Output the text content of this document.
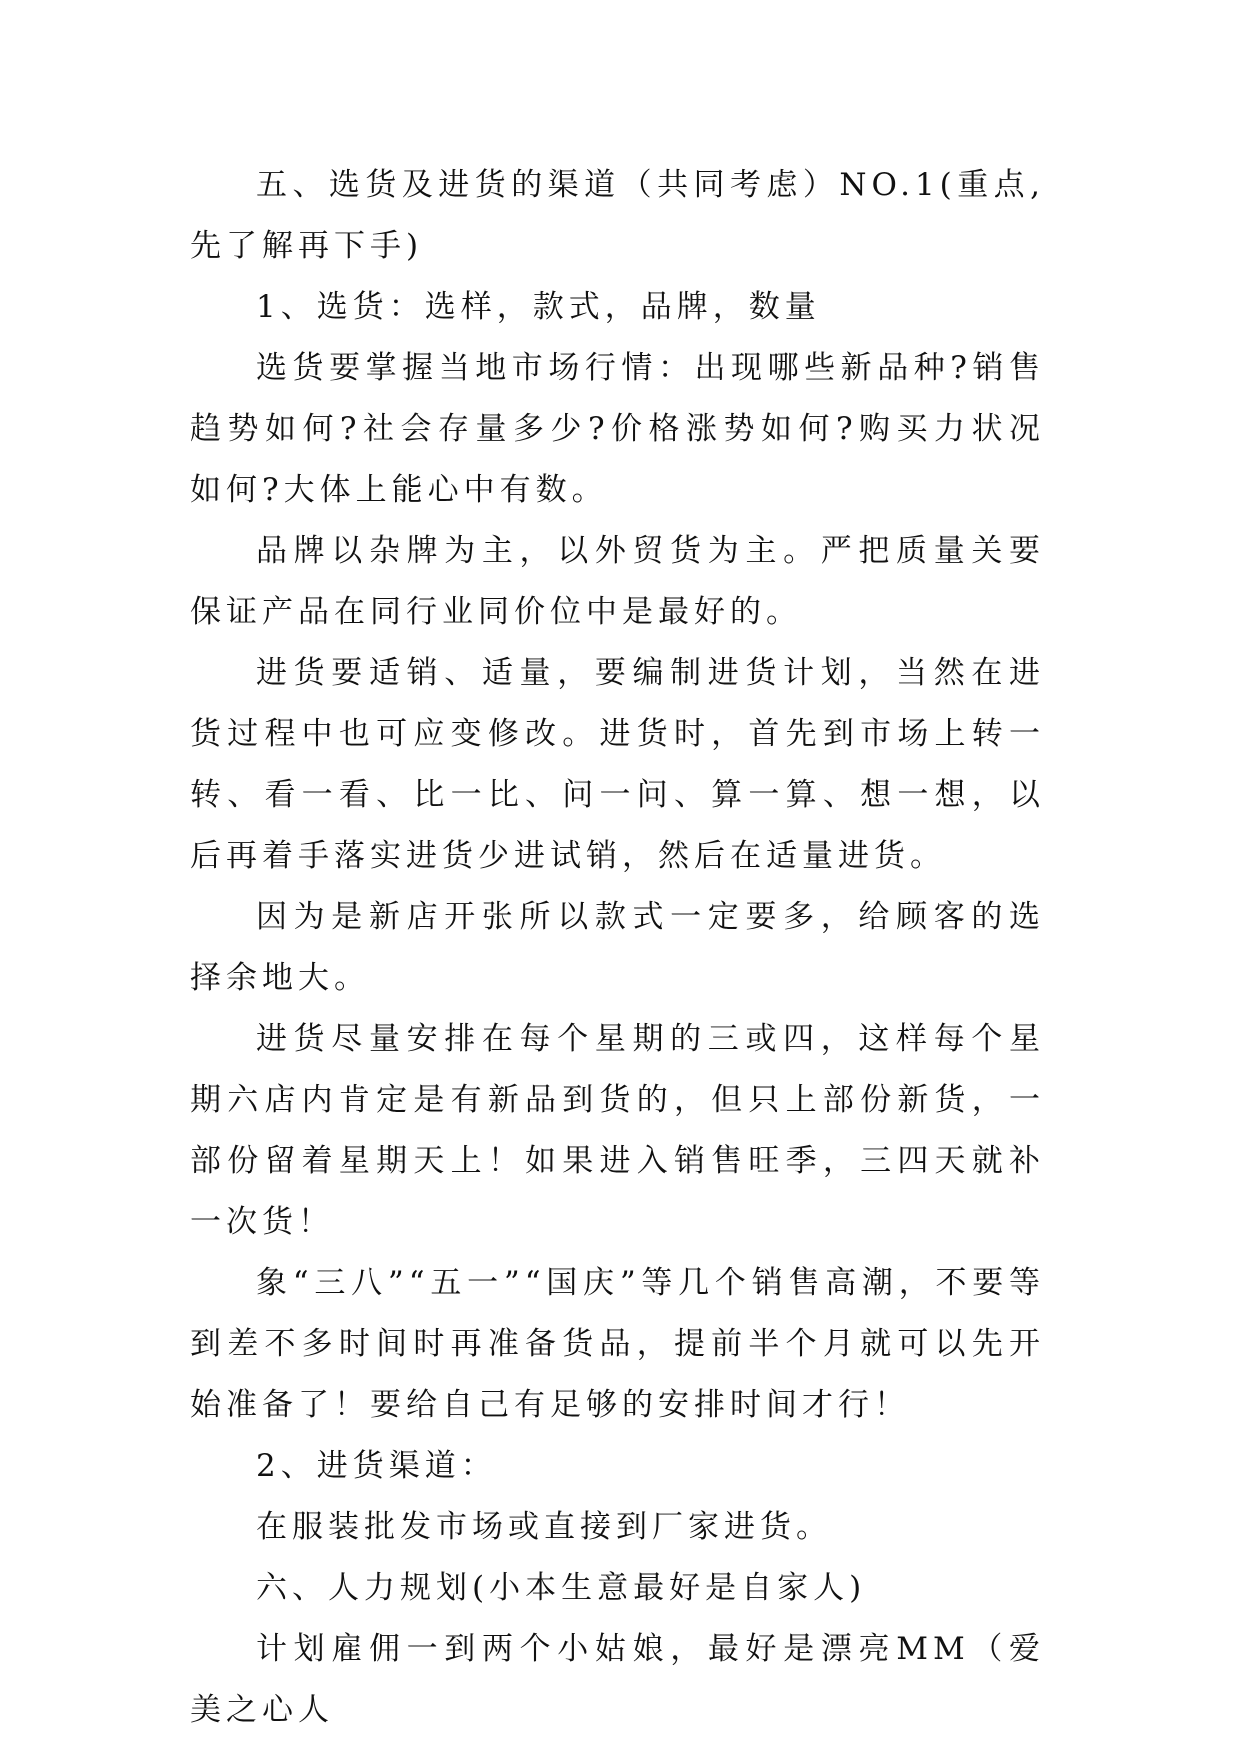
五、选货及进货的渠道（共同考虑）NO.1(重点,先了解再下手)

1、选货：选样，款式，品牌，数量

选货要掌握当地市场行情：出现哪些新品种?销售趋势如何?社会存量多少?价格涨势如何?购买力状况如何?大体上能心中有数。

品牌以杂牌为主，以外贸货为主。严把质量关要保证产品在同行业同价位中是最好的。

进货要适销、适量，要编制进货计划，当然在进货过程中也可应变修改。进货时，首先到市场上转一转、看一看、比一比、问一问、算一算、想一想，以后再着手落实进货少进试销，然后在适量进货。

因为是新店开张所以款式一定要多，给顾客的选择余地大。

进货尽量安排在每个星期的三或四，这样每个星期六店内肯定是有新品到货的，但只上部份新货，一部份留着星期天上！如果进入销售旺季，三四天就补一次货！

象“三八”“五一”“国庆”等几个销售高潮，不要等到差不多时间时再准备货品，提前半个月就可以先开始准备了！要给自己有足够的安排时间才行！

2、进货渠道：

在服装批发市场或直接到厂家进货。

六、人力规划(小本生意最好是自家人)

计划雇佣一到两个小姑娘，最好是漂亮MM（爱美之心人
